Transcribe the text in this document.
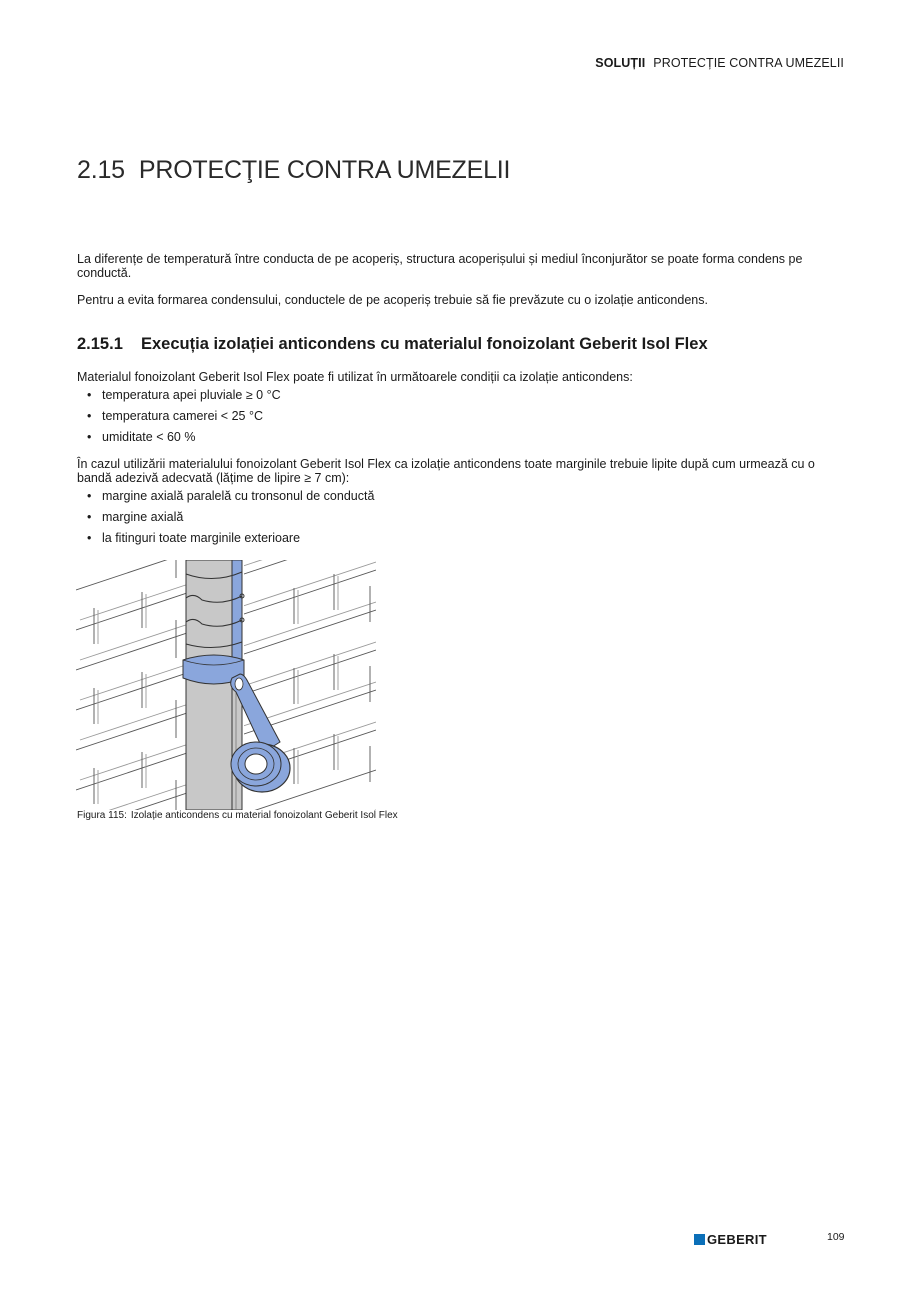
SOLUȚII PROTECȚIE CONTRA UMEZELII
2.15 PROTECŢIE CONTRA UMEZELII

La diferențe de temperatură între conducta de pe acoperiș, structura acoperișului și mediul înconjurător se poate forma condens pe conductă.

Pentru a evita formarea condensului, conductele de pe acoperiș trebuie să fie prevăzute cu o izolație anticondens.

2.15.1 Execuția izolației anticondens cu materialul fonoizolant Geberit Isol Flex

Materialul fonoizolant Geberit Isol Flex poate fi utilizat în următoarele condiții ca izolație anticondens:

• temperatura apei pluviale ≥ 0 °C
• temperatura camerei < 25 °C
• umiditate < 60 %

În cazul utilizării materialului fonoizolant Geberit Isol Flex ca izolație anticondens toate marginile trebuie lipite după cum urmează cu o bandă adezivă adecvată (lățime de lipire ≥ 7 cm):

• margine axială paralelă cu tronsonul de conductă
• margine axială
• la fitinguri toate marginile exterioare
Figura 115: Izolație anticondens cu material fonoizolant Geberit Isol Flex
GEBERIT	109
